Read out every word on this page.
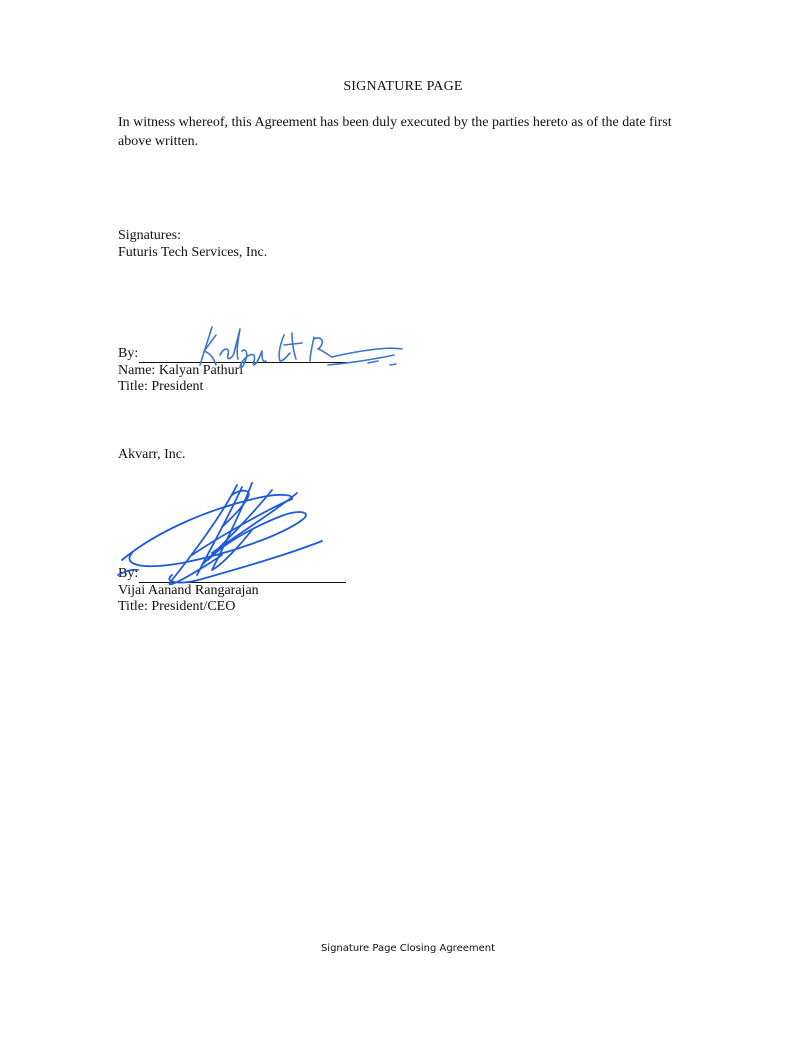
SIGNATURE PAGE
In witness whereof, this Agreement has been duly executed by the parties hereto as of the date first above written.
Signatures:
Futuris Tech Services, Inc.
By:
Name: Kalyan Pathuri
Title: President
Akvarr, Inc.
By:
Vijai Aanand Rangarajan
Title: President/CEO
Signature Page Closing Agreement
